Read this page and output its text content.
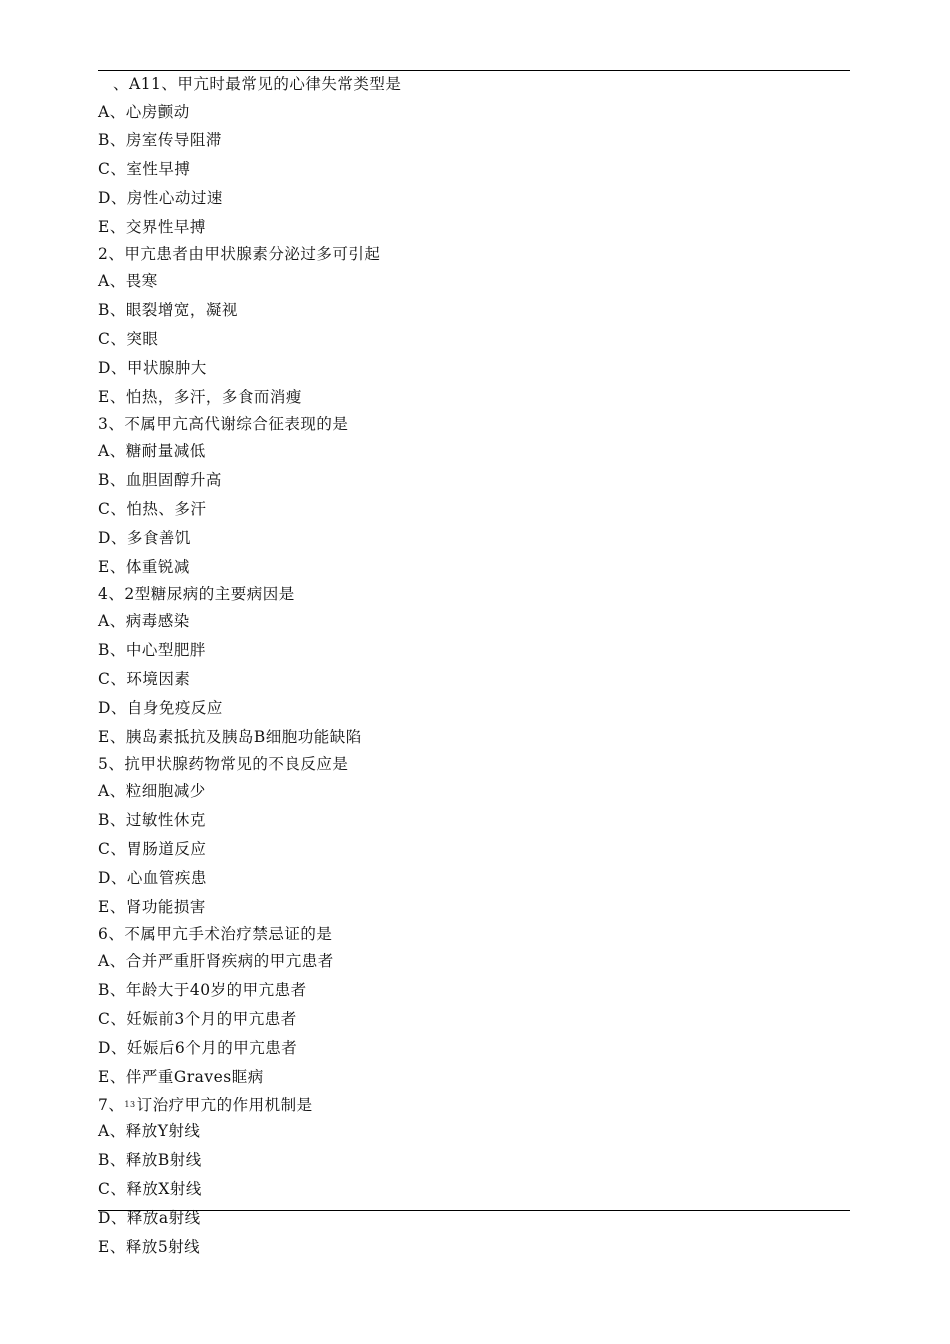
、A11、甲亢时最常见的心律失常类型是
A、心房颤动
B、房室传导阻滞
C、室性早搏
D、房性心动过速
E、交界性早搏
2、甲亢患者由甲状腺素分泌过多可引起
A、畏寒
B、眼裂增宽，凝视
C、突眼
D、甲状腺肿大
E、怕热，多汗，多食而消瘦
3、不属甲亢高代谢综合征表现的是
A、糖耐量减低
B、血胆固醇升高
C、怕热、多汗
D、多食善饥
E、体重锐减
4、2型糖尿病的主要病因是
A、病毒感染
B、中心型肥胖
C、环境因素
D、自身免疫反应
E、胰岛素抵抗及胰岛B细胞功能缺陷
5、抗甲状腺药物常见的不良反应是
A、粒细胞减少
B、过敏性休克
C、胃肠道反应
D、心血管疾患
E、肾功能损害
6、不属甲亢手术治疗禁忌证的是
A、合并严重肝肾疾病的甲亢患者
B、年龄大于40岁的甲亢患者
C、妊娠前3个月的甲亢患者
D、妊娠后6个月的甲亢患者
E、伴严重Graves眶病
7、$^{13}$订治疗甲亢的作用机制是
A、释放Y射线
B、释放B射线
C、释放X射线
D、释放a射线
E、释放5射线
